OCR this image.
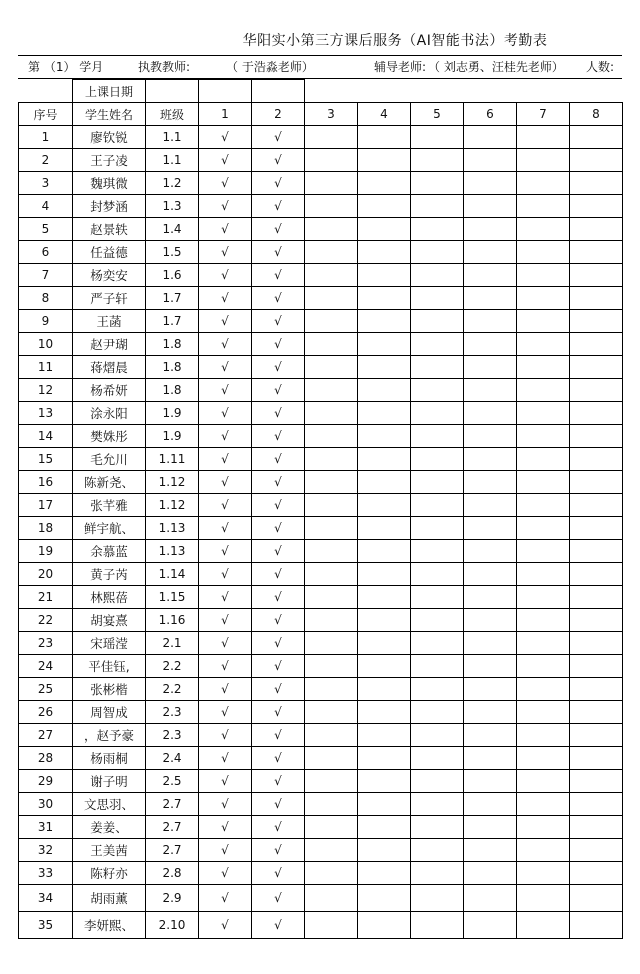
华阳实小第三方课后服务（AI智能书法）考勤表
第 （1） 学月	执教教师:	（ 于浩淼老师）	辅导老师: （ 刘志勇、汪桂先老师） 人数:
	上课日期									
序号	学生姓名	班级	1	2	3	4	5	6	7	8
1	廖钦锐	1.1	√	√						
2	王子凌	1.1	√	√						
3	魏琪微	1.2	√	√						
4	封梦涵	1.3	√	√						
5	赵景轶	1.4	√	√						
6	任益德	1.5	√	√						
7	杨奕安	1.6	√	√						
8	严子轩	1.7	√	√						
9	王菡	1.7	√	√						
10	赵尹瑚	1.8	√	√						
11	蒋熠晨	1.8	√	√						
12	杨希妍	1.8	√	√						
13	涂永阳	1.9	√	√						
14	樊姝彤	1.9	√	√						
15	毛允川	1.11	√	√						
16	陈新尧、	1.12	√	√						
17	张芊雅	1.12	√	√						
18	鲜宇航、	1.13	√	√						
19	余慕蓝	1.13	√	√						
20	黄子芮	1.14	√	√						
21	林熙蓓	1.15	√	√						
22	胡宴熹	1.16	√	√						
23	宋瑶滢	2.1	√	√						
24	平佳钰,	2.2	√	√						
25	张彬楷	2.2	√	√						
26	周智成	2.3	√	√						
27	，赵予豪	2.3	√	√						
28	杨雨桐	2.4	√	√						
29	谢子明	2.5	√	√						
30	文思羽、	2.7	√	√						
31	姜姜、	2.7	√	√						
32	王美茜	2.7	√	√						
33	陈籽亦	2.8	√	√						
34	胡雨薰	2.9	√	√						
35	李妍熙、	2.10	√	√						
